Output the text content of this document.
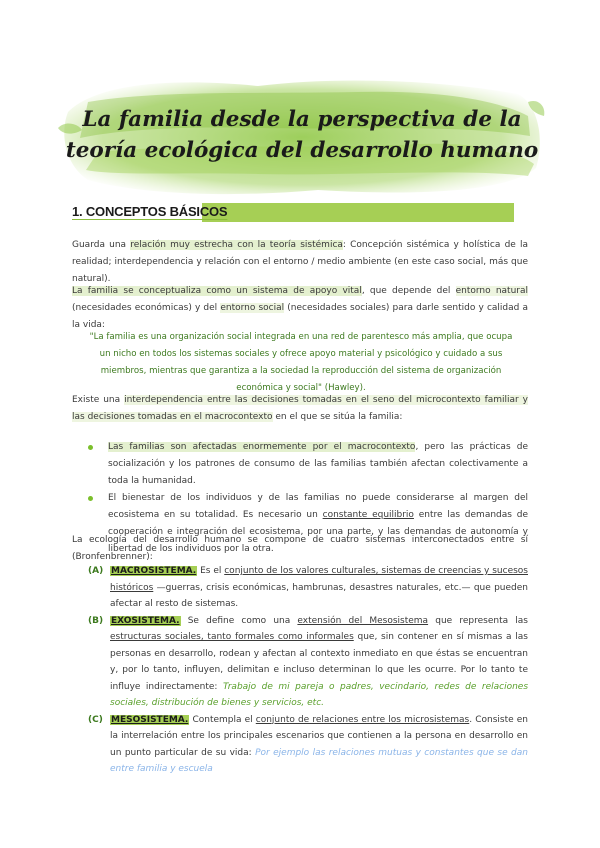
La familia desde la perspectiva de la
teoría ecológica del desarrollo humano
1. CONCEPTOS BÁSICOS
Guarda una relación muy estrecha con la teoría sistémica: Concepción sistémica y holística de la realidad; interdependencia y relación con el entorno / medio ambiente (en este caso social, más que natural).
La familia se conceptualiza como un sistema de apoyo vital, que depende del entorno natural (necesidades económicas) y del entorno social (necesidades sociales) para darle sentido y calidad a la vida:
"La familia es una organización social integrada en una red de parentesco más amplia, que ocupa un nicho en todos los sistemas sociales y ofrece apoyo material y psicológico y cuidado a sus miembros, mientras que garantiza a la sociedad la reproducción del sistema de organización económica y social" (Hawley).
Existe una interdependencia entre las decisiones tomadas en el seno del microcontexto familiar y las decisiones tomadas en el macrocontexto en el que se sitúa la familia:
Las familias son afectadas enormemente por el macrocontexto, pero las prácticas de socialización y los patrones de consumo de las familias también afectan colectivamente a toda la humanidad.
El bienestar de los individuos y de las familias no puede considerarse al margen del ecosistema en su totalidad. Es necesario un constante equilibrio entre las demandas de cooperación e integración del ecosistema, por una parte, y las demandas de autonomía y libertad de los individuos por la otra.
La ecología del desarrollo humano se compone de cuatro sistemas interconectados entre sí (Bronfenbrenner):
(A) MACROSISTEMA. Es el conjunto de los valores culturales, sistemas de creencias y sucesos históricos —guerras, crisis económicas, hambrunas, desastres naturales, etc.— que pueden afectar al resto de sistemas.
(B) EXOSISTEMA. Se define como una extensión del Mesosistema que representa las estructuras sociales, tanto formales como informales que, sin contener en sí mismas a las personas en desarrollo, rodean y afectan al contexto inmediato en que éstas se encuentran y, por lo tanto, influyen, delimitan e incluso determinan lo que les ocurre. Por lo tanto te influye indirectamente: Trabajo de mi pareja o padres, vecindario, redes de relaciones sociales, distribución de bienes y servicios, etc.
(C) MESOSISTEMA. Contempla el conjunto de relaciones entre los microsistemas. Consiste en la interrelación entre los principales escenarios que contienen a la persona en desarrollo en un punto particular de su vida: Por ejemplo las relaciones mutuas y constantes que se dan entre familia y escuela
